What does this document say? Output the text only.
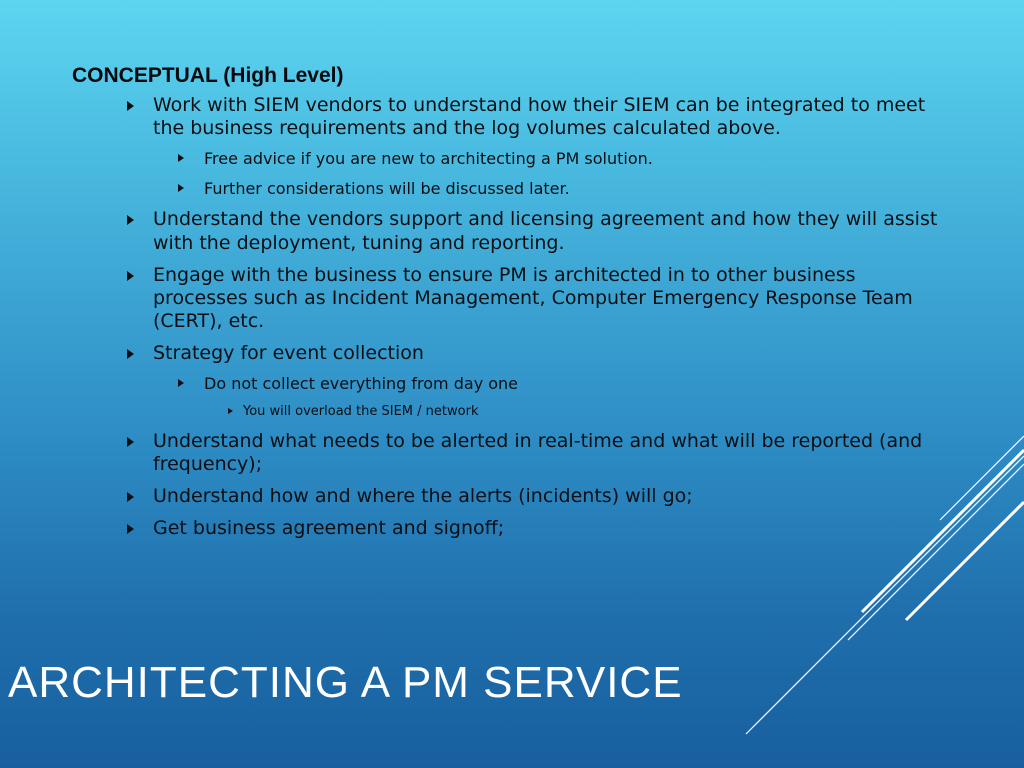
CONCEPTUAL (High Level)

Work with SIEM vendors to understand how their SIEM can be integrated to meet the business requirements and the log volumes calculated above.

Free advice if you are new to architecting a PM solution.

Further considerations will be discussed later.

Understand the vendors support and licensing agreement and how they will assist with the deployment, tuning and reporting.

Engage with the business to ensure PM is architected in to other business processes such as Incident Management, Computer Emergency Response Team (CERT), etc.

Strategy for event collection

Do not collect everything from day one

You will overload the SIEM / network

Understand what needs to be alerted in real-time and what will be reported (and frequency);

Understand how and where the alerts (incidents) will go;

Get business agreement and signoff;

ARCHITECTING A PM SERVICE
